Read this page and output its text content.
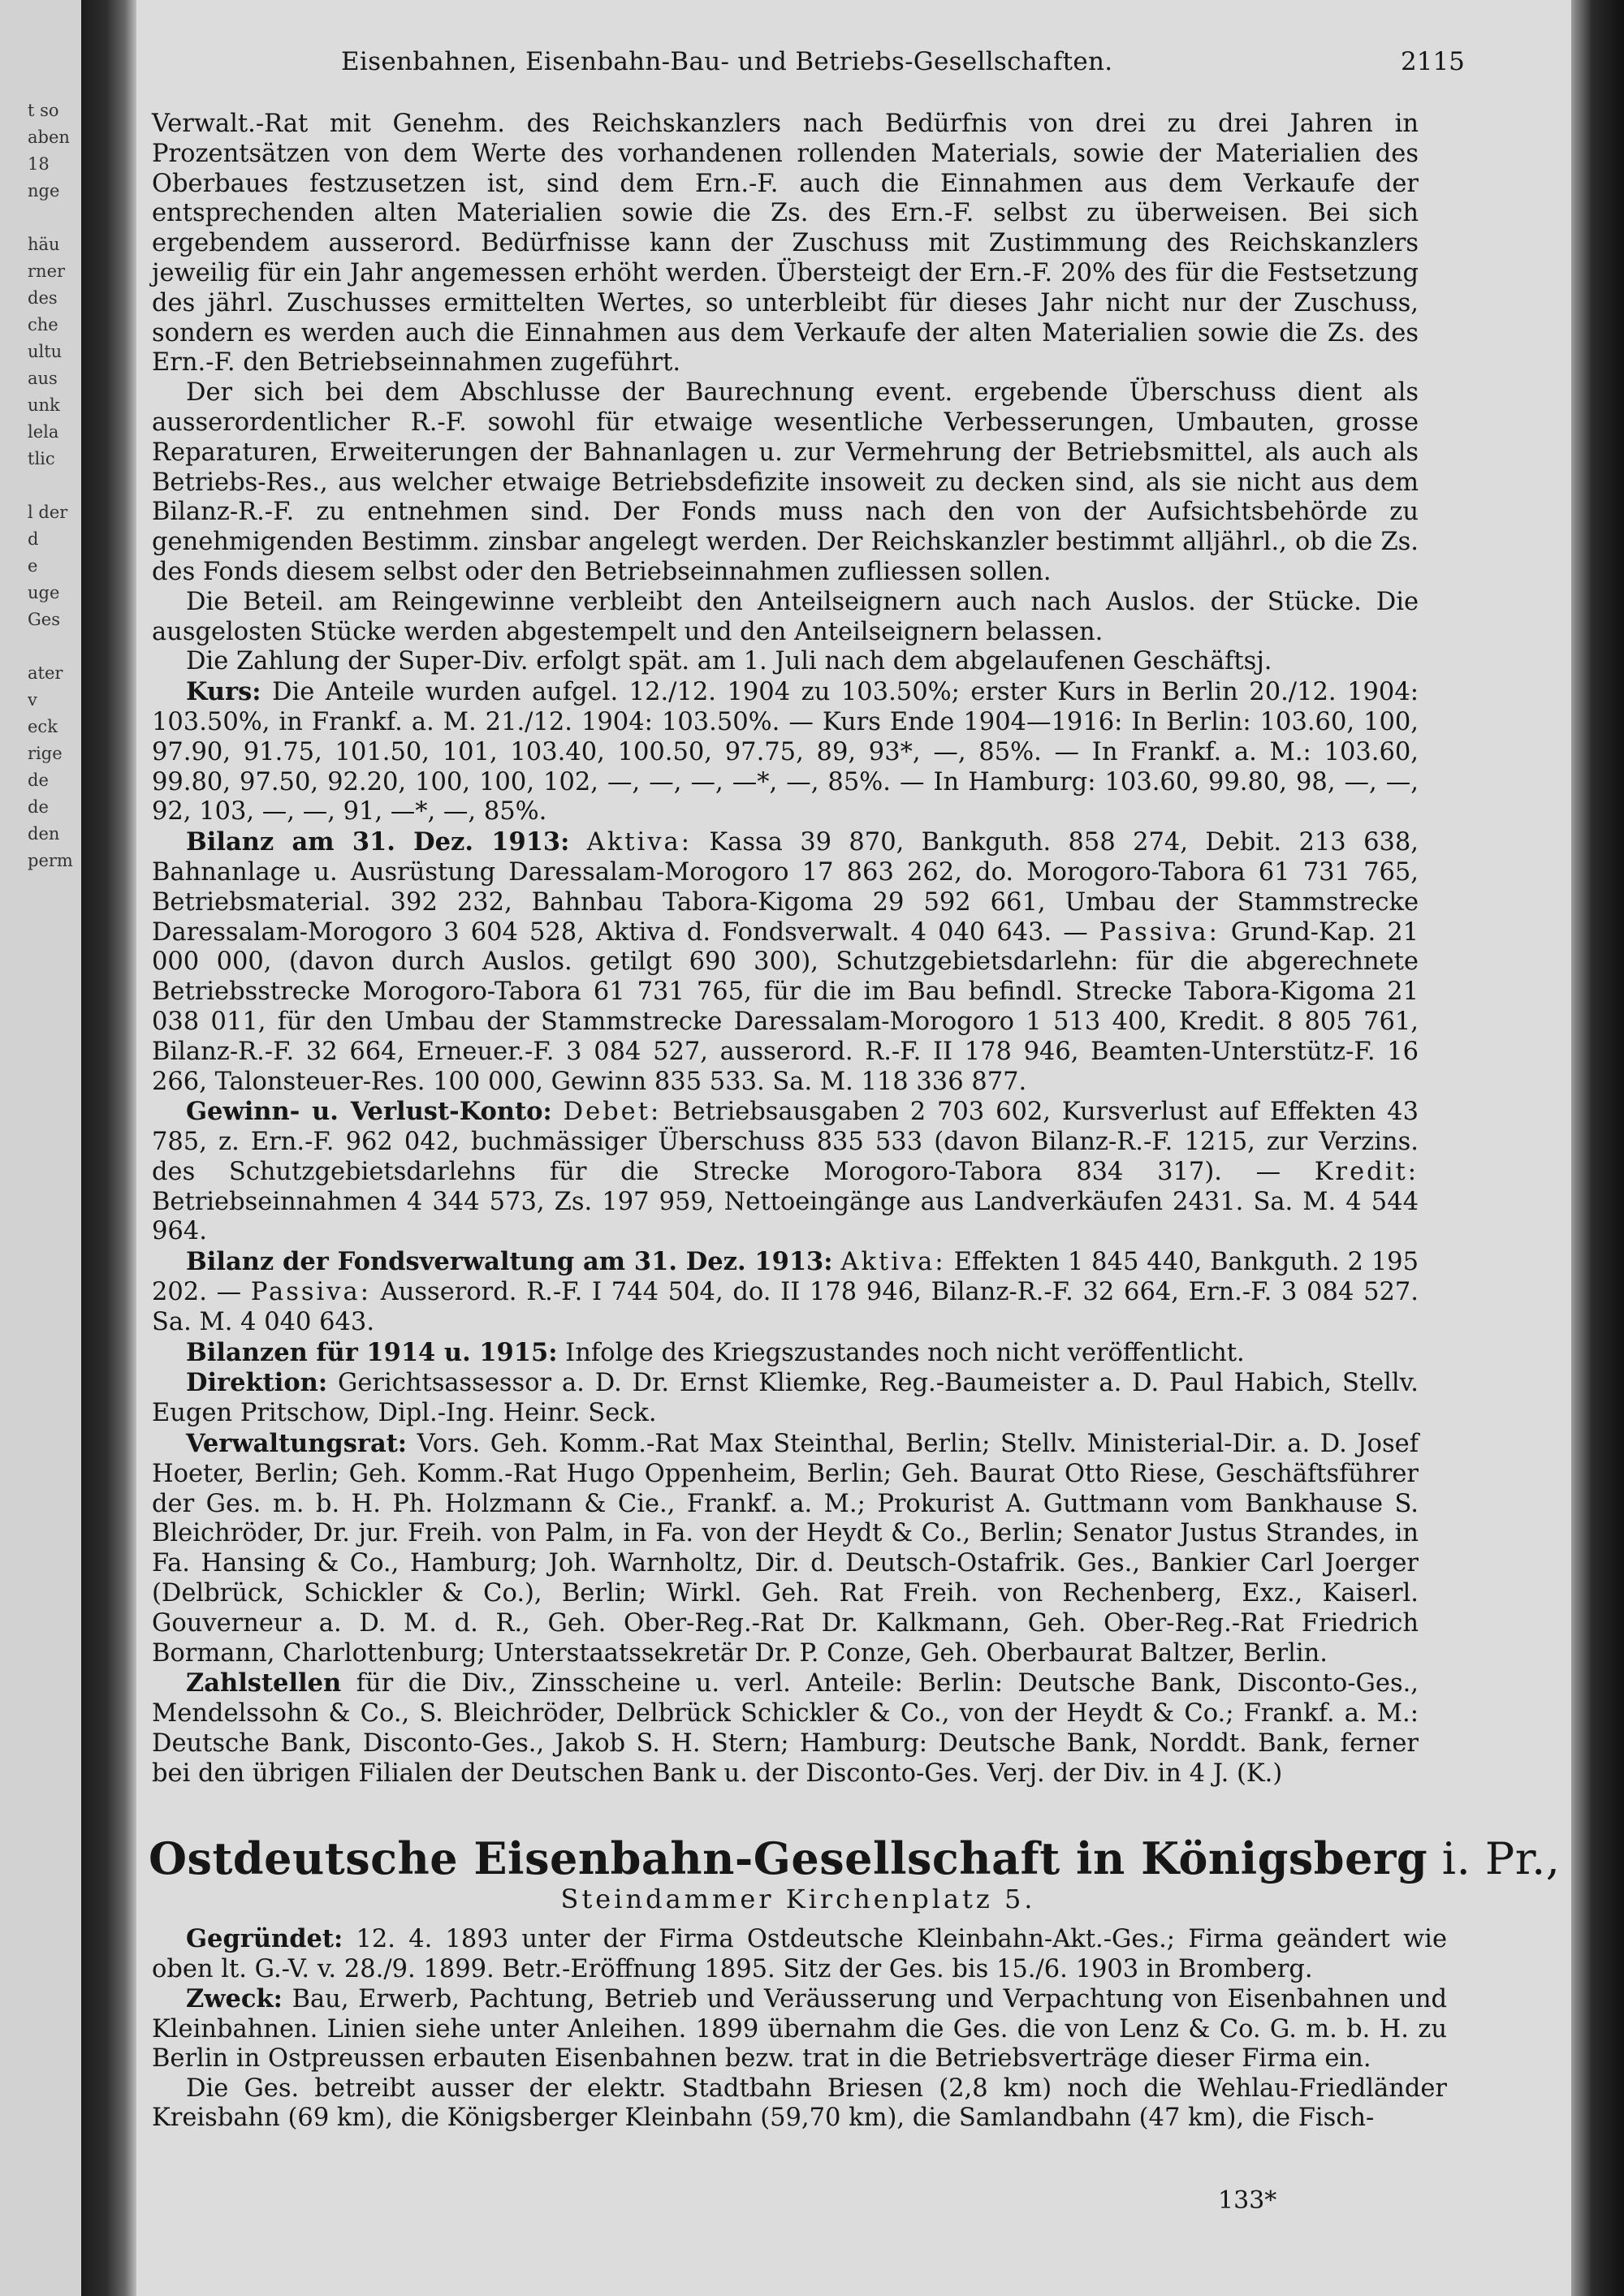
t so
aben
18
nge

häu
rner
des
che
ultu
aus
unk
lela
tlic

l der
d
e
uge
Ges

ater
v
eck
rige
de
de
den
perm
Eisenbahnen, Eisenbahn-Bau- und Betriebs-Gesellschaften.	2115

Verwalt.-Rat mit Genehm. des Reichskanzlers nach Bedürfnis von drei zu drei Jahren in Prozentsätzen von dem Werte des vorhandenen rollenden Materials, sowie der Materialien des Oberbaues festzusetzen ist, sind dem Ern.-F. auch die Einnahmen aus dem Verkaufe der entsprechenden alten Materialien sowie die Zs. des Ern.-F. selbst zu überweisen. Bei sich ergebendem ausserord. Bedürfnisse kann der Zuschuss mit Zustimmung des Reichskanzlers jeweilig für ein Jahr angemessen erhöht werden. Übersteigt der Ern.-F. 20% des für die Festsetzung des jährl. Zuschusses ermittelten Wertes, so unterbleibt für dieses Jahr nicht nur der Zuschuss, sondern es werden auch die Einnahmen aus dem Verkaufe der alten Materialien sowie die Zs. des Ern.-F. den Betriebseinnahmen zugeführt.

Der sich bei dem Abschlusse der Baurechnung event. ergebende Überschuss dient als ausserordentlicher R.-F. sowohl für etwaige wesentliche Verbesserungen, Umbauten, grosse Reparaturen, Erweiterungen der Bahnanlagen u. zur Vermehrung der Betriebsmittel, als auch als Betriebs-Res., aus welcher etwaige Betriebsdefizite insoweit zu decken sind, als sie nicht aus dem Bilanz-R.-F. zu entnehmen sind. Der Fonds muss nach den von der Aufsichtsbehörde zu genehmigenden Bestimm. zinsbar angelegt werden. Der Reichskanzler bestimmt alljährl., ob die Zs. des Fonds diesem selbst oder den Betriebseinnahmen zufliessen sollen.

Die Beteil. am Reingewinne verbleibt den Anteilseignern auch nach Auslos. der Stücke. Die ausgelosten Stücke werden abgestempelt und den Anteilseignern belassen.

Die Zahlung der Super-Div. erfolgt spät. am 1. Juli nach dem abgelaufenen Geschäftsj.

Kurs: Die Anteile wurden aufgel. 12./12. 1904 zu 103.50%; erster Kurs in Berlin 20./12. 1904: 103.50%, in Frankf. a. M. 21./12. 1904: 103.50%. — Kurs Ende 1904—1916: In Berlin: 103.60, 100, 97.90, 91.75, 101.50, 101, 103.40, 100.50, 97.75, 89, 93*, —, 85%. — In Frankf. a. M.: 103.60, 99.80, 97.50, 92.20, 100, 100, 102, —, —, —, —*, —, 85%. — In Hamburg: 103.60, 99.80, 98, —, —, 92, 103, —, —, 91, —*, —, 85%.

Bilanz am 31. Dez. 1913: Aktiva: Kassa 39 870, Bankguth. 858 274, Debit. 213 638, Bahnanlage u. Ausrüstung Daressalam-Morogoro 17 863 262, do. Morogoro-Tabora 61 731 765, Betriebsmaterial. 392 232, Bahnbau Tabora-Kigoma 29 592 661, Umbau der Stammstrecke Daressalam-Morogoro 3 604 528, Aktiva d. Fondsverwalt. 4 040 643. — Passiva: Grund-Kap. 21 000 000, (davon durch Auslos. getilgt 690 300), Schutzgebietsdarlehn: für die abgerechnete Betriebsstrecke Morogoro-Tabora 61 731 765, für die im Bau befindl. Strecke Tabora-Kigoma 21 038 011, für den Umbau der Stammstrecke Daressalam-Morogoro 1 513 400, Kredit. 8 805 761, Bilanz-R.-F. 32 664, Erneuer.-F. 3 084 527, ausserord. R.-F. II 178 946, Beamten-Unterstütz-F. 16 266, Talonsteuer-Res. 100 000, Gewinn 835 533. Sa. M. 118 336 877.

Gewinn- u. Verlust-Konto: Debet: Betriebsausgaben 2 703 602, Kursverlust auf Effekten 43 785, z. Ern.-F. 962 042, buchmässiger Überschuss 835 533 (davon Bilanz-R.-F. 1215, zur Verzins. des Schutzgebietsdarlehns für die Strecke Morogoro-Tabora 834 317). — Kredit: Betriebseinnahmen 4 344 573, Zs. 197 959, Nettoeingänge aus Landverkäufen 2431. Sa. M. 4 544 964.

Bilanz der Fondsverwaltung am 31. Dez. 1913: Aktiva: Effekten 1 845 440, Bankguth. 2 195 202. — Passiva: Ausserord. R.-F. I 744 504, do. II 178 946, Bilanz-R.-F. 32 664, Ern.-F. 3 084 527. Sa. M. 4 040 643.

Bilanzen für 1914 u. 1915: Infolge des Kriegszustandes noch nicht veröffentlicht.

Direktion: Gerichtsassessor a. D. Dr. Ernst Kliemke, Reg.-Baumeister a. D. Paul Habich, Stellv. Eugen Pritschow, Dipl.-Ing. Heinr. Seck.

Verwaltungsrat: Vors. Geh. Komm.-Rat Max Steinthal, Berlin; Stellv. Ministerial-Dir. a. D. Josef Hoeter, Berlin; Geh. Komm.-Rat Hugo Oppenheim, Berlin; Geh. Baurat Otto Riese, Geschäftsführer der Ges. m. b. H. Ph. Holzmann & Cie., Frankf. a. M.; Prokurist A. Guttmann vom Bankhause S. Bleichröder, Dr. jur. Freih. von Palm, in Fa. von der Heydt & Co., Berlin; Senator Justus Strandes, in Fa. Hansing & Co., Hamburg; Joh. Warnholtz, Dir. d. Deutsch-Ostafrik. Ges., Bankier Carl Joerger (Delbrück, Schickler & Co.), Berlin; Wirkl. Geh. Rat Freih. von Rechenberg, Exz., Kaiserl. Gouverneur a. D. M. d. R., Geh. Ober-Reg.-Rat Dr. Kalkmann, Geh. Ober-Reg.-Rat Friedrich Bormann, Charlottenburg; Unterstaatssekretär Dr. P. Conze, Geh. Oberbaurat Baltzer, Berlin.

Zahlstellen für die Div., Zinsscheine u. verl. Anteile: Berlin: Deutsche Bank, Disconto-Ges., Mendelssohn & Co., S. Bleichröder, Delbrück Schickler & Co., von der Heydt & Co.; Frankf. a. M.: Deutsche Bank, Disconto-Ges., Jakob S. H. Stern; Hamburg: Deutsche Bank, Norddt. Bank, ferner bei den übrigen Filialen der Deutschen Bank u. der Disconto-Ges. Verj. der Div. in 4 J. (K.)

Ostdeutsche Eisenbahn-Gesellschaft in Königsberg i. Pr.,
Steindammer Kirchenplatz 5.

Gegründet: 12. 4. 1893 unter der Firma Ostdeutsche Kleinbahn-Akt.-Ges.; Firma geändert wie oben lt. G.-V. v. 28./9. 1899. Betr.-Eröffnung 1895. Sitz der Ges. bis 15./6. 1903 in Bromberg.

Zweck: Bau, Erwerb, Pachtung, Betrieb und Veräusserung und Verpachtung von Eisenbahnen und Kleinbahnen. Linien siehe unter Anleihen. 1899 übernahm die Ges. die von Lenz & Co. G. m. b. H. zu Berlin in Ostpreussen erbauten Eisenbahnen bezw. trat in die Betriebsverträge dieser Firma ein.

Die Ges. betreibt ausser der elektr. Stadtbahn Briesen (2,8 km) noch die Wehlau-Friedländer Kreisbahn (69 km), die Königsberger Kleinbahn (59,70 km), die Samlandbahn (47 km), die Fisch-

133*
